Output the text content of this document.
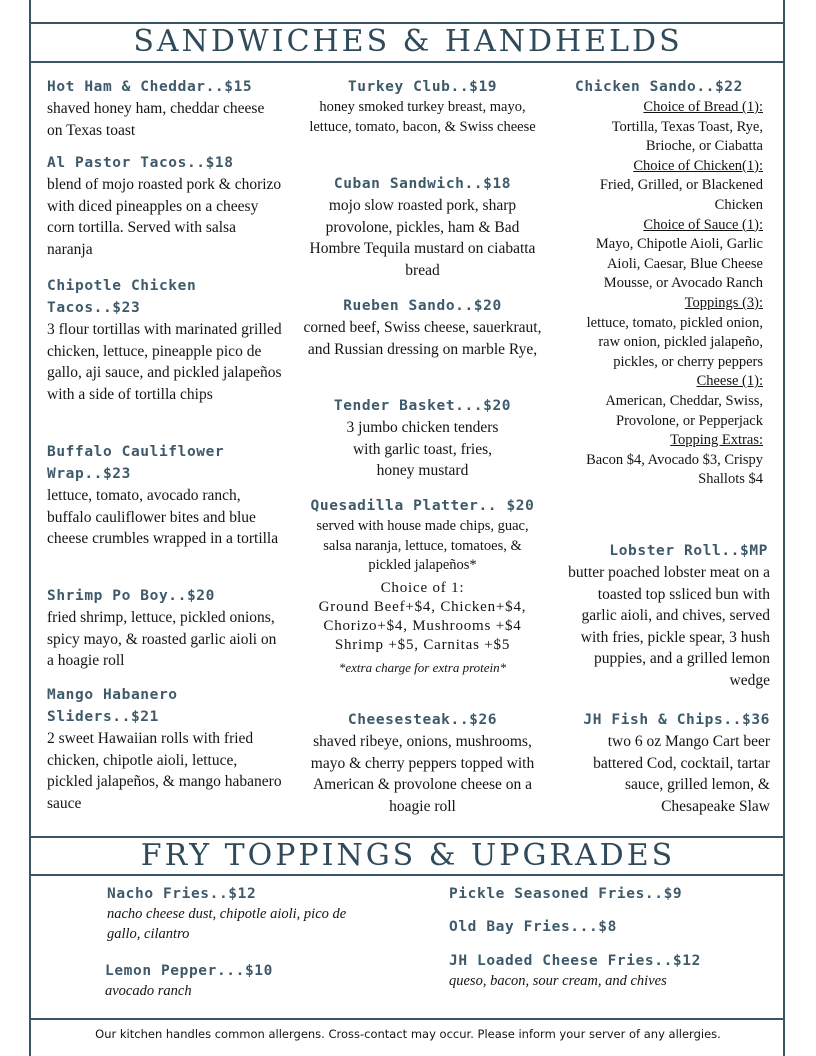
SANDWICHES & HANDHELDS
FRY TOPPINGS & UPGRADES
Hot Ham & Cheddar..$15
shaved honey ham, cheddar cheese on Texas toast
Al Pastor Tacos..$18
blend of mojo roasted pork & chorizo with diced pineapples on a cheesy corn tortilla. Served with salsa naranja
Chipotle Chicken Tacos..$23
3 flour tortillas with marinated grilled chicken, lettuce, pineapple pico de gallo, aji sauce, and pickled jalapeños with a side of tortilla chips
Buffalo Cauliflower Wrap..$23
lettuce, tomato, avocado ranch, buffalo cauliflower bites and blue cheese crumbles wrapped in a tortilla
Shrimp Po Boy..$20
fried shrimp, lettuce, pickled onions, spicy mayo, & roasted garlic aioli on a hoagie roll
Mango Habanero Sliders..$21
2 sweet Hawaiian rolls with fried chicken, chipotle aioli, lettuce, pickled jalapeños, & mango habanero sauce
Turkey Club..$19
honey smoked turkey breast, mayo, lettuce, tomato, bacon, & Swiss cheese
Cuban Sandwich..$18
mojo slow roasted pork, sharp provolone, pickles, ham & Bad Hombre Tequila mustard on ciabatta bread
Rueben Sando..$20
corned beef, Swiss cheese, sauerkraut, and Russian dressing on marble Rye,
Tender Basket...$20
3 jumbo chicken tenders with garlic toast, fries, honey mustard
Quesadilla Platter.. $20
served with house made chips, guac, salsa naranja, lettuce, tomatoes, & pickled jalapeños*
Choice of 1:
Ground Beef+$4, Chicken+$4,
Chorizo+$4, Mushrooms +$4
Shrimp +$5, Carnitas +$5
*extra charge for extra protein*
Cheesesteak..$26
shaved ribeye, onions, mushrooms, mayo & cherry peppers topped with American & provolone cheese on a hoagie roll
Chicken Sando..$22
Choice of Bread (1):
Tortilla, Texas Toast, Rye, Brioche, or Ciabatta
Choice of Chicken(1):
Fried, Grilled, or Blackened Chicken
Choice of Sauce (1):
Mayo, Chipotle Aioli, Garlic Aioli, Caesar, Blue Cheese Mousse, or Avocado Ranch
Toppings (3):
lettuce, tomato, pickled onion, raw onion, pickled jalapeño, pickles, or cherry peppers
Cheese (1):
American, Cheddar, Swiss, Provolone, or Pepperjack
Topping Extras:
Bacon $4, Avocado $3, Crispy Shallots $4
Lobster Roll..$MP
butter poached lobster meat on a toasted top ssliced bun with garlic aioli, and chives, served with fries, pickle spear, 3 hush puppies, and a grilled lemon wedge
JH Fish & Chips..$36
two 6 oz Mango Cart beer battered Cod, cocktail, tartar sauce, grilled lemon, & Chesapeake Slaw
Nacho Fries..$12
nacho cheese dust, chipotle aioli, pico de gallo, cilantro
Lemon Pepper...$10
avocado ranch
Pickle Seasoned Fries..$9
Old Bay Fries...$8
JH Loaded Cheese Fries..$12
queso, bacon, sour cream, and chives
Our kitchen handles common allergens. Cross-contact may occur. Please inform your server of any allergies.
